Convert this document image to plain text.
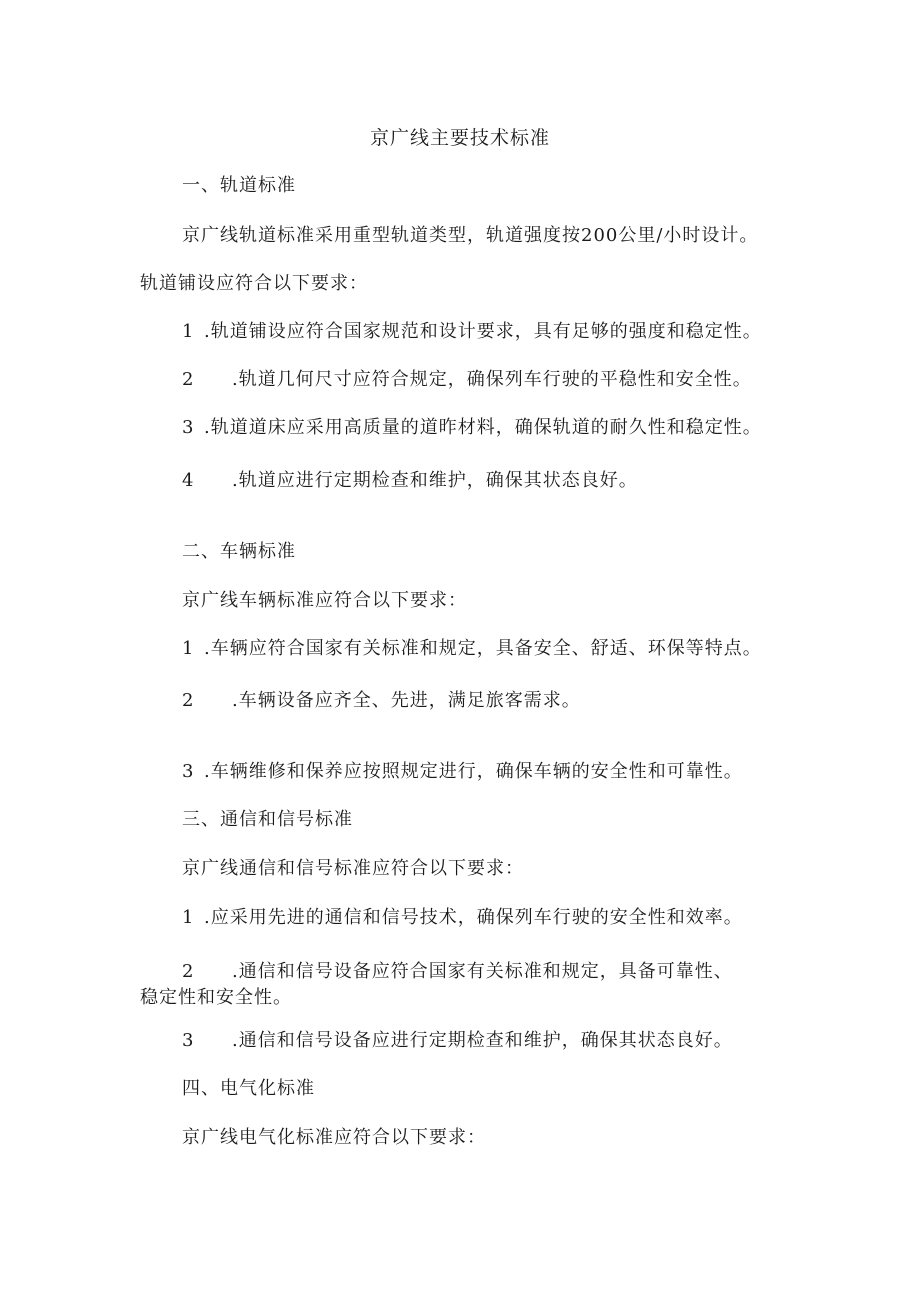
京广线主要技术标准
一、轨道标准
京广线轨道标准采用重型轨道类型，轨道强度按200公里/小时设计。
轨道铺设应符合以下要求：
1 .轨道铺设应符合国家规范和设计要求，具有足够的强度和稳定性。
2 .轨道几何尺寸应符合规定，确保列车行驶的平稳性和安全性。
3 .轨道道床应采用高质量的道昨材料，确保轨道的耐久性和稳定性。
4 .轨道应进行定期检查和维护，确保其状态良好。
二、车辆标准
京广线车辆标准应符合以下要求：
1 .车辆应符合国家有关标准和规定，具备安全、舒适、环保等特点。
2 .车辆设备应齐全、先进，满足旅客需求。
3 .车辆维修和保养应按照规定进行，确保车辆的安全性和可靠性。
三、通信和信号标准
京广线通信和信号标准应符合以下要求：
1 .应采用先进的通信和信号技术，确保列车行驶的安全性和效率。
2 .通信和信号设备应符合国家有关标准和规定，具备可靠性、
稳定性和安全性。
3 .通信和信号设备应进行定期检查和维护，确保其状态良好。
四、电气化标准
京广线电气化标准应符合以下要求：
